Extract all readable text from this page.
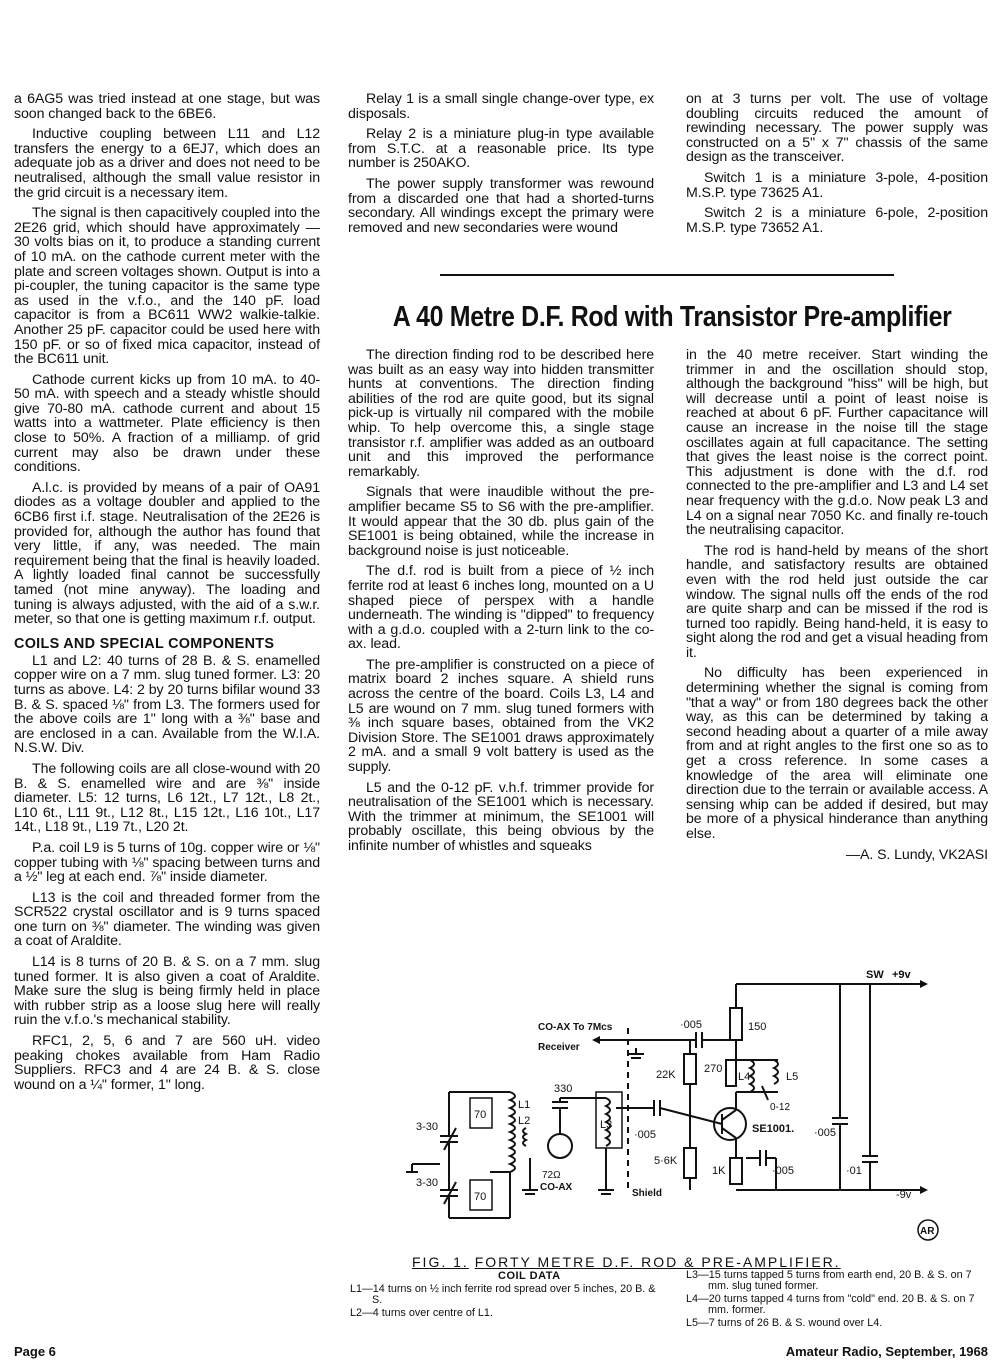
a 6AG5 was tried instead at one stage, but was soon changed back to the 6BE6.

Inductive coupling between L11 and L12 transfers the energy to a 6EJ7, which does an adequate job as a driver and does not need to be neutralised, although the small value resistor in the grid circuit is a necessary item.

The signal is then capacitively coupled into the 2E26 grid, which should have approximately —30 volts bias on it, to produce a standing current of 10 mA. on the cathode current meter with the plate and screen voltages shown. Output is into a pi-coupler, the tuning capacitor is the same type as used in the v.f.o., and the 140 pF. load capacitor is from a BC611 WW2 walkie-talkie. Another 25 pF. capacitor could be used here with 150 pF. or so of fixed mica capacitor, instead of the BC611 unit.

Cathode current kicks up from 10 mA. to 40-50 mA. with speech and a steady whistle should give 70-80 mA. cathode current and about 15 watts into a wattmeter. Plate efficiency is then close to 50%. A fraction of a milliamp. of grid current may also be drawn under these conditions.

A.l.c. is provided by means of a pair of OA91 diodes as a voltage doubler and applied to the 6CB6 first i.f. stage. Neutralisation of the 2E26 is provided for, although the author has found that very little, if any, was needed. The main requirement being that the final is heavily loaded. A lightly loaded final cannot be successfully tamed (not mine anyway). The loading and tuning is always adjusted, with the aid of a s.w.r. meter, so that one is getting maximum r.f. output.

COILS AND SPECIAL COMPONENTS

L1 and L2: 40 turns of 28 B. & S. enamelled copper wire on a 7 mm. slug tuned former. L3: 20 turns as above. L4: 2 by 20 turns bifilar wound 33 B. & S. spaced ⅛" from L3. The formers used for the above coils are 1" long with a ⅜" base and are enclosed in a can. Available from the W.I.A. N.S.W. Div.

The following coils are all close-wound with 20 B. & S. enamelled wire and are ⅜" inside diameter. L5: 12 turns, L6 12t., L7 12t., L8 2t., L10 6t., L11 9t., L12 8t., L15 12t., L16 10t., L17 14t., L18 9t., L19 7t., L20 2t.

P.a. coil L9 is 5 turns of 10g. copper wire or ⅛" copper tubing with ⅛" spacing between turns and a ½" leg at each end. ⅞" inside diameter.

L13 is the coil and threaded former from the SCR522 crystal oscillator and is 9 turns spaced one turn on ⅜" diameter. The winding was given a coat of Araldite.

L14 is 8 turns of 20 B. & S. on a 7 mm. slug tuned former. It is also given a coat of Araldite. Make sure the slug is being firmly held in place with rubber strip as a loose slug here will really ruin the v.f.o.'s mechanical stability.

RFC1, 2, 5, 6 and 7 are 560 uH. video peaking chokes available from Ham Radio Suppliers. RFC3 and 4 are 24 B. & S. close wound on a ¼" former, 1" long.

Relay 1 is a small single change-over type, ex disposals.

Relay 2 is a miniature plug-in type available from S.T.C. at a reasonable price. Its type number is 250AKO.

The power supply transformer was rewound from a discarded one that had a shorted-turns secondary. All windings except the primary were removed and new secondaries were wound

on at 3 turns per volt. The use of voltage doubling circuits reduced the amount of rewinding necessary. The power supply was constructed on a 5" x 7" chassis of the same design as the transceiver.

Switch 1 is a miniature 3-pole, 4-position M.S.P. type 73625 A1.

Switch 2 is a miniature 6-pole, 2-position M.S.P. type 73652 A1.

A 40 Metre D.F. Rod with Transistor Pre-amplifier

The direction finding rod to be described here was built as an easy way into hidden transmitter hunts at conventions. The direction finding abilities of the rod are quite good, but its signal pick-up is virtually nil compared with the mobile whip. To help overcome this, a single stage transistor r.f. amplifier was added as an outboard unit and this improved the performance remarkably.

Signals that were inaudible without the pre-amplifier became S5 to S6 with the pre-amplifier. It would appear that the 30 db. plus gain of the SE1001 is being obtained, while the increase in background noise is just noticeable.

The d.f. rod is built from a piece of ½ inch ferrite rod at least 6 inches long, mounted on a U shaped piece of perspex with a handle underneath. The winding is "dipped" to frequency with a g.d.o. coupled with a 2-turn link to the co-ax. lead.

The pre-amplifier is constructed on a piece of matrix board 2 inches square. A shield runs across the centre of the board. Coils L3, L4 and L5 are wound on 7 mm. slug tuned formers with ⅜ inch square bases, obtained from the VK2 Division Store. The SE1001 draws approximately 2 mA. and a small 9 volt battery is used as the supply.

L5 and the 0-12 pF. v.h.f. trimmer provide for neutralisation of the SE1001 which is necessary. With the trimmer at minimum, the SE1001 will probably oscillate, this being obvious by the infinite number of whistles and squeaks

in the 40 metre receiver. Start winding the trimmer in and the oscillation should stop, although the background "hiss" will be high, but will decrease until a point of least noise is reached at about 6 pF. Further capacitance will cause an increase in the noise till the stage oscillates again at full capacitance. The setting that gives the least noise is the correct point. This adjustment is done with the d.f. rod connected to the pre-amplifier and L3 and L4 set near frequency with the g.d.o. Now peak L3 and L4 on a signal near 7050 Kc. and finally re-touch the neutralising capacitor.

The rod is hand-held by means of the short handle, and satisfactory results are obtained even with the rod held just outside the car window. The signal nulls off the ends of the rod are quite sharp and can be missed if the rod is turned too rapidly. Being hand-held, it is easy to sight along the rod and get a visual heading from it.

No difficulty has been experienced in determining whether the signal is coming from "that a way" or from 180 degrees back the other way, as this can be determined by taking a second heading about a quarter of a mile away from and at right angles to the first one so as to get a cross reference. In some cases a knowledge of the area will eliminate one direction due to the terrain or available access. A sensing whip can be added if desired, but may be more of a physical hinderance than anything else.

—A. S. Lundy, VK2ASI
SW +9v
-9v
150
·005
CO-AX To 7Mcs
Receiver
Shield
22K	270
L4	L5
0-12
SE1001.
·005
5·6K
1K	·005
·005
·01
L3
330
72Ω
CO-AX
L1
L2
70
70
3-30
3-30
AR
FIG. 1. FORTY METRE D.F. ROD & PRE-AMPLIFIER.
COIL DATA
L1—14 turns on ½ inch ferrite rod spread over 5 inches, 20 B. & S.
L2—4 turns over centre of L1.
L3—15 turns tapped 5 turns from earth end, 20 B. & S. on 7 mm. slug tuned former.
L4—20 turns tapped 4 turns from "cold" end. 20 B. & S. on 7 mm. former.
L5—7 turns of 26 B. & S. wound over L4.
Page 6	Amateur Radio, September, 1968
